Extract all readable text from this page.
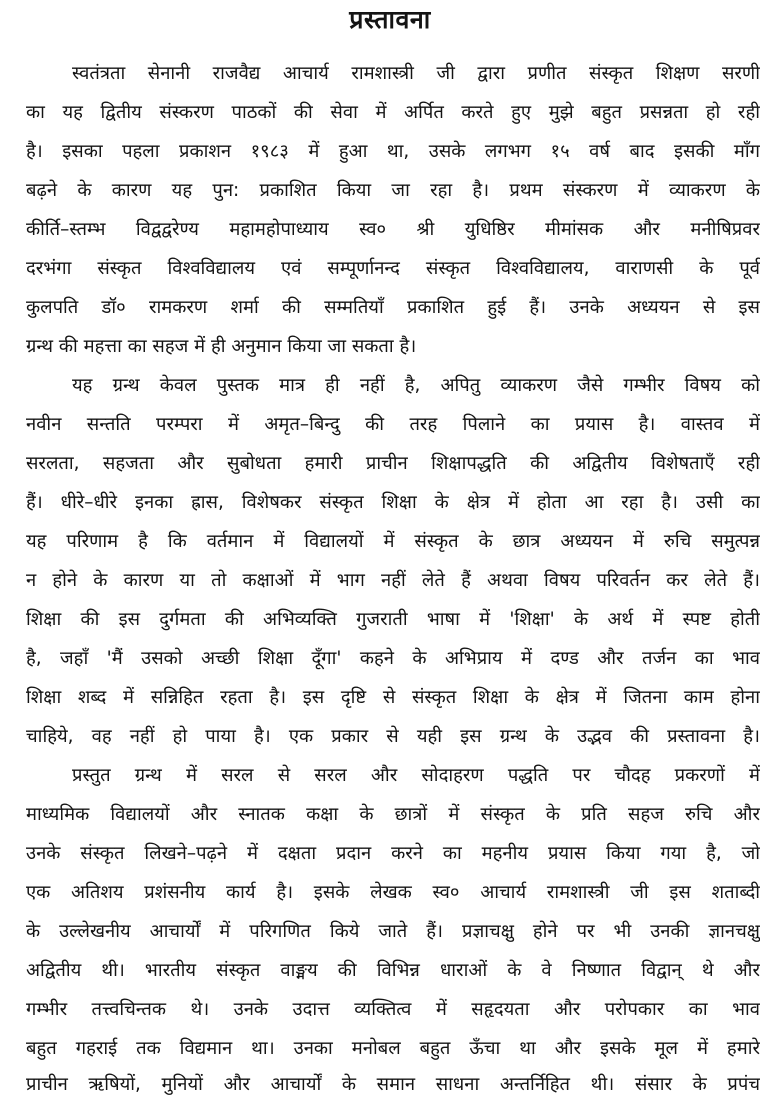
प्रस्तावना
स्वतंत्रता सेनानी राजवैद्य आचार्य रामशास्त्री जी द्वारा प्रणीत संस्कृत शिक्षण सरणी
का यह द्वितीय संस्करण पाठकों की सेवा में अर्पित करते हुए मुझे बहुत प्रसन्नता हो रही
है। इसका पहला प्रकाशन १९८३ में हुआ था, उसके लगभग १५ वर्ष बाद इसकी माँग
बढ़ने के कारण यह पुन: प्रकाशित किया जा रहा है। प्रथम संस्करण में व्याकरण के
कीर्ति–स्तम्भ विद्वद्वरेण्य महामहोपाध्याय स्व० श्री युधिष्ठिर मीमांसक और मनीषिप्रवर
दरभंगा संस्कृत विश्वविद्यालय एवं सम्पूर्णानन्द संस्कृत विश्वविद्यालय, वाराणसी के पूर्व
कुलपति डॉ० रामकरण शर्मा की सम्मतियाँ प्रकाशित हुई हैं। उनके अध्ययन से इस
ग्रन्थ की महत्ता का सहज में ही अनुमान किया जा सकता है।
यह ग्रन्थ केवल पुस्तक मात्र ही नहीं है, अपितु व्याकरण जैसे गम्भीर विषय को
नवीन सन्तति परम्परा में अमृत–बिन्दु की तरह पिलाने का प्रयास है। वास्तव में
सरलता, सहजता और सुबोधता हमारी प्राचीन शिक्षापद्धति की अद्वितीय विशेषताएँ रही
हैं। धीरे–धीरे इनका ह्रास, विशेषकर संस्कृत शिक्षा के क्षेत्र में होता आ रहा है। उसी का
यह परिणाम है कि वर्तमान में विद्यालयों में संस्कृत के छात्र अध्ययन में रुचि समुत्पन्न
न होने के कारण या तो कक्षाओं में भाग नहीं लेते हैं अथवा विषय परिवर्तन कर लेते हैं।
शिक्षा की इस दुर्गमता की अभिव्यक्ति गुजराती भाषा में 'शिक्षा' के अर्थ में स्पष्ट होती
है, जहाँ 'मैं उसको अच्छी शिक्षा दूँगा' कहने के अभिप्राय में दण्ड और तर्जन का भाव
शिक्षा शब्द में सन्निहित रहता है। इस दृष्टि से संस्कृत शिक्षा के क्षेत्र में जितना काम होना
चाहिये, वह नहीं हो पाया है। एक प्रकार से यही इस ग्रन्थ के उद्भव की प्रस्तावना है।
प्रस्तुत ग्रन्थ में सरल से सरल और सोदाहरण पद्धति पर चौदह प्रकरणों में
माध्यमिक विद्यालयों और स्नातक कक्षा के छात्रों में संस्कृत के प्रति सहज रुचि और
उनके संस्कृत लिखने–पढ़ने में दक्षता प्रदान करने का महनीय प्रयास किया गया है, जो
एक अतिशय प्रशंसनीय कार्य है। इसके लेखक स्व० आचार्य रामशास्त्री जी इस शताब्दी
के उल्लेखनीय आचार्यों में परिगणित किये जाते हैं। प्रज्ञाचक्षु होने पर भी उनकी ज्ञानचक्षु
अद्वितीय थी। भारतीय संस्कृत वाङ्मय की विभिन्न धाराओं के वे निष्णात विद्वान् थे और
गम्भीर तत्त्वचिन्तक थे। उनके उदात्त व्यक्तित्व में सहृदयता और परोपकार का भाव
बहुत गहराई तक विद्यमान था। उनका मनोबल बहुत ऊँचा था और इसके मूल में हमारे
प्राचीन ऋषियों, मुनियों और आचार्यों के समान साधना अन्तर्निहित थी। संसार के प्रपंच
